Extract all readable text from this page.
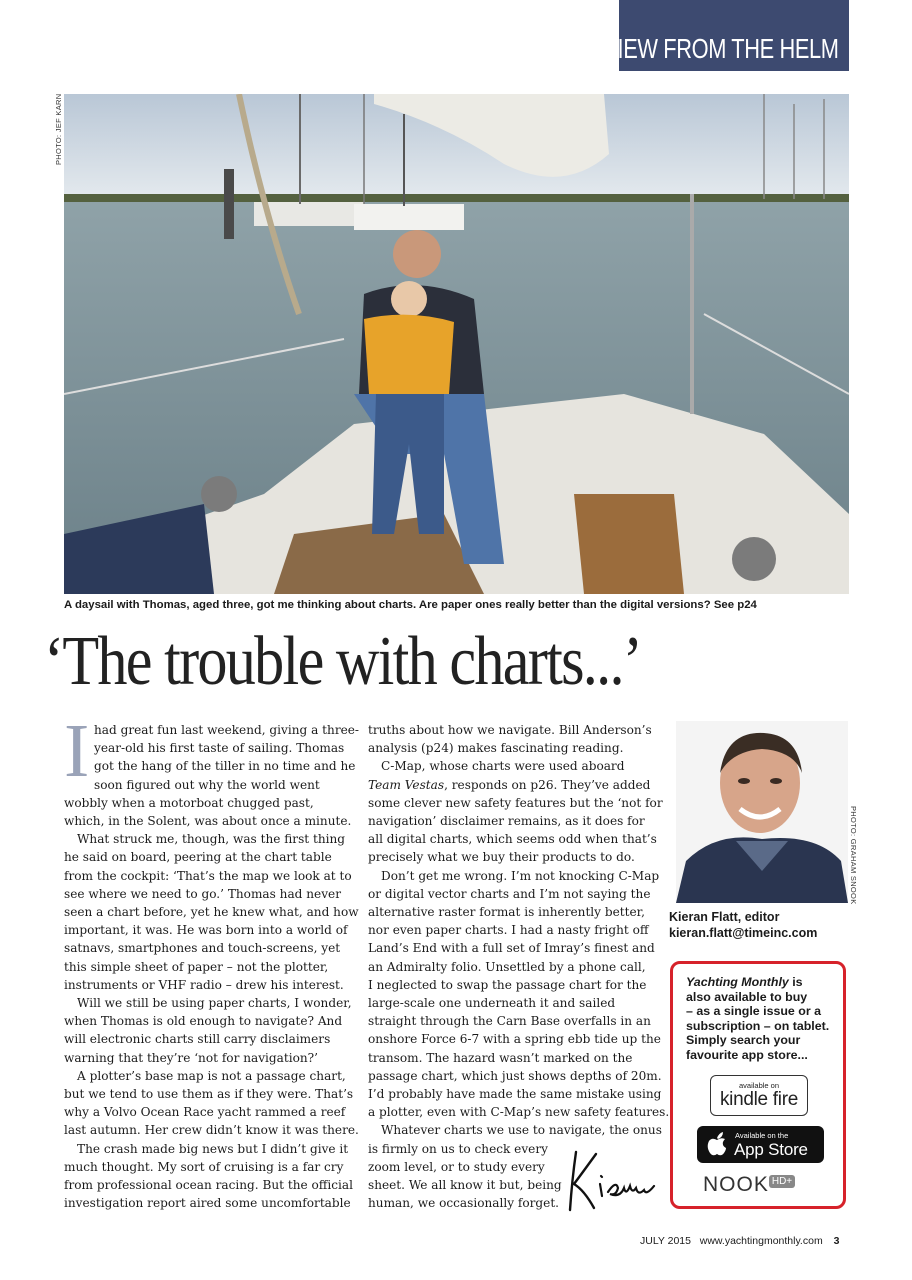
VIEW FROM THE HELM
PHOTO: JEF KARN
A daysail with Thomas, aged three, got me thinking about charts. Are paper ones really better than the digital versions? See p24
‘The trouble with charts...’
I had great fun last weekend, giving a three-
year-old his first taste of sailing. Thomas
got the hang of the tiller in no time and he
soon figured out why the world went
wobbly when a motorboat chugged past,
which, in the Solent, was about once a minute.
What struck me, though, was the first thing
he said on board, peering at the chart table
from the cockpit: ‘That’s the map we look at to
see where we need to go.’ Thomas had never
seen a chart before, yet he knew what, and how
important, it was. He was born into a world of
satnavs, smartphones and touch-screens, yet
this simple sheet of paper – not the plotter,
instruments or VHF radio – drew his interest.
Will we still be using paper charts, I wonder,
when Thomas is old enough to navigate? And
will electronic charts still carry disclaimers
warning that they’re ‘not for navigation?’
A plotter’s base map is not a passage chart,
but we tend to use them as if they were. That’s
why a Volvo Ocean Race yacht rammed a reef
last autumn. Her crew didn’t know it was there.
The crash made big news but I didn’t give it
much thought. My sort of cruising is a far cry
from professional ocean racing. But the official
investigation report aired some uncomfortable
truths about how we navigate. Bill Anderson’s
analysis (p24) makes fascinating reading.
C-Map, whose charts were used aboard
Team Vestas, responds on p26. They’ve added
some clever new safety features but the ‘not for
navigation’ disclaimer remains, as it does for
all digital charts, which seems odd when that’s
precisely what we buy their products to do.
Don’t get me wrong. I’m not knocking C-Map
or digital vector charts and I’m not saying the
alternative raster format is inherently better,
nor even paper charts. I had a nasty fright off
Land’s End with a full set of Imray’s finest and
an Admiralty folio. Unsettled by a phone call,
I neglected to swap the passage chart for the
large-scale one underneath it and sailed
straight through the Carn Base overfalls in an
onshore Force 6-7 with a spring ebb tide up the
transom. The hazard wasn’t marked on the
passage chart, which just shows depths of 20m.
I’d probably have made the same mistake using
a plotter, even with C-Map’s new safety features.
Whatever charts we use to navigate, the onus
is firmly on us to check every
zoom level, or to study every
sheet. We all know it but, being
human, we occasionally forget.
PHOTO: GRAHAM SNOOK
Kieran Flatt, editor
kieran.flatt@timeinc.com
Yachting Monthly is
also available to buy
– as a single issue or a
subscription – on tablet.
Simply search your
favourite app store...
available on
kindle fire
Available on the
App Store
NOOK $^{HD+}$
JULY 2015 www.yachtingmonthly.com 3
